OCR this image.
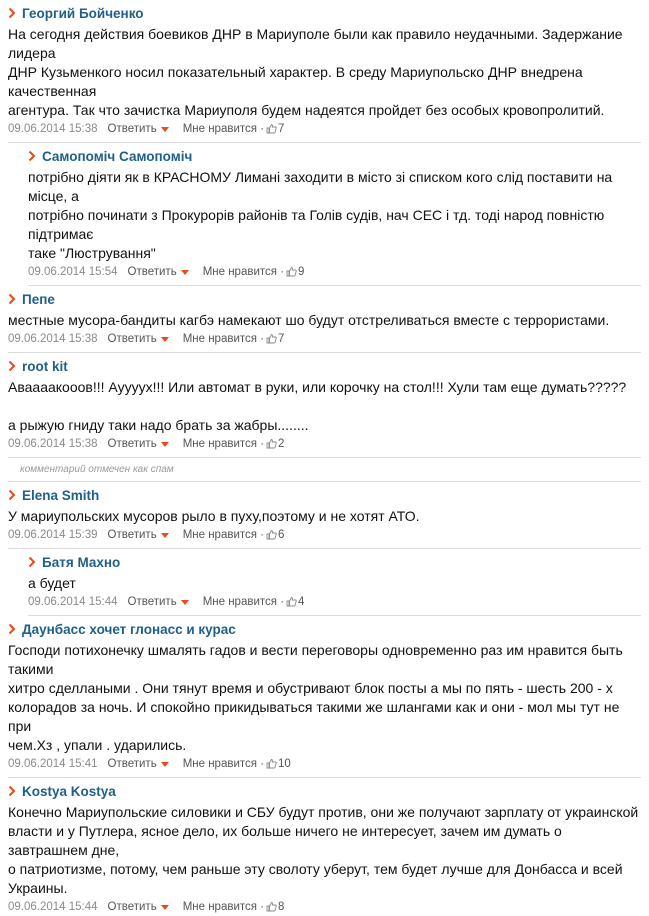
Георгий Бойченко
На сегодня действия боевиков ДНР в Мариуполе были как правило неудачными. Задержание лидера
ДНР Кузьменкого носил показательный характер. В среду Мариупольско ДНР внедрена качественная
агентура. Так что зачистка Мариуполя будем надеятся пройдет без особых кровопролитий.
09.06.2014 15:38 Ответить Мне нравится · 7
Самопоміч Самопоміч
потрібно діяти як в КРАСНОМУ Лимані заходити в місто зі списком кого слід поставити на місце, а
потрібно починати з Прокурорів районів та Голів судів, нач СЕС і тд. тоді народ повністю підтримає
таке "Люстрування"
09.06.2014 15:54 Ответить Мне нравится · 9
Пепе
местные мусора-бандиты кагбэ намекают шо будут отстреливаться вместе с террористами.
09.06.2014 15:38 Ответить Мне нравится · 7
root kit
Аваааакооов!!! Ауууух!!! Или автомат в руки, или корочку на стол!!! Хули там еще думать?????
а рыжую гниду таки надо брать за жабры........
09.06.2014 15:38 Ответить Мне нравится · 2
комментарий отмечен как спам
Elena Smith
У мариупольских мусоров рыло в пуху,поэтому и не хотят АТО.
09.06.2014 15:39 Ответить Мне нравится · 6
Батя Махно
а будет
09.06.2014 15:44 Ответить Мне нравится · 4
Даунбасс хочет глонасс и курас
Господи потихонечку шмалять гадов и вести переговоры одновременно раз им нравится быть такими
хитро сделлаными . Они тянут время и обустривают блок посты а мы по пять - шесть 200 - х
колорадов за ночь. И спокойно прикидываться такими же шлангами как и они - мол мы тут не при
чем.Хз , упали . ударились.
09.06.2014 15:41 Ответить Мне нравится · 10
Kostya Kostya
Конечно Мариупольские силовики и СБУ будут против, они же получают зарплату от украинской
власти и у Путлера, ясное дело, их больше ничего не интересует, зачем им думать о завтрашнем дне,
о патриотизме, потому, чем раньше эту сволоту уберут, тем будет лучше для Донбасса и всей
Украины.
09.06.2014 15:44 Ответить Мне нравится · 8
